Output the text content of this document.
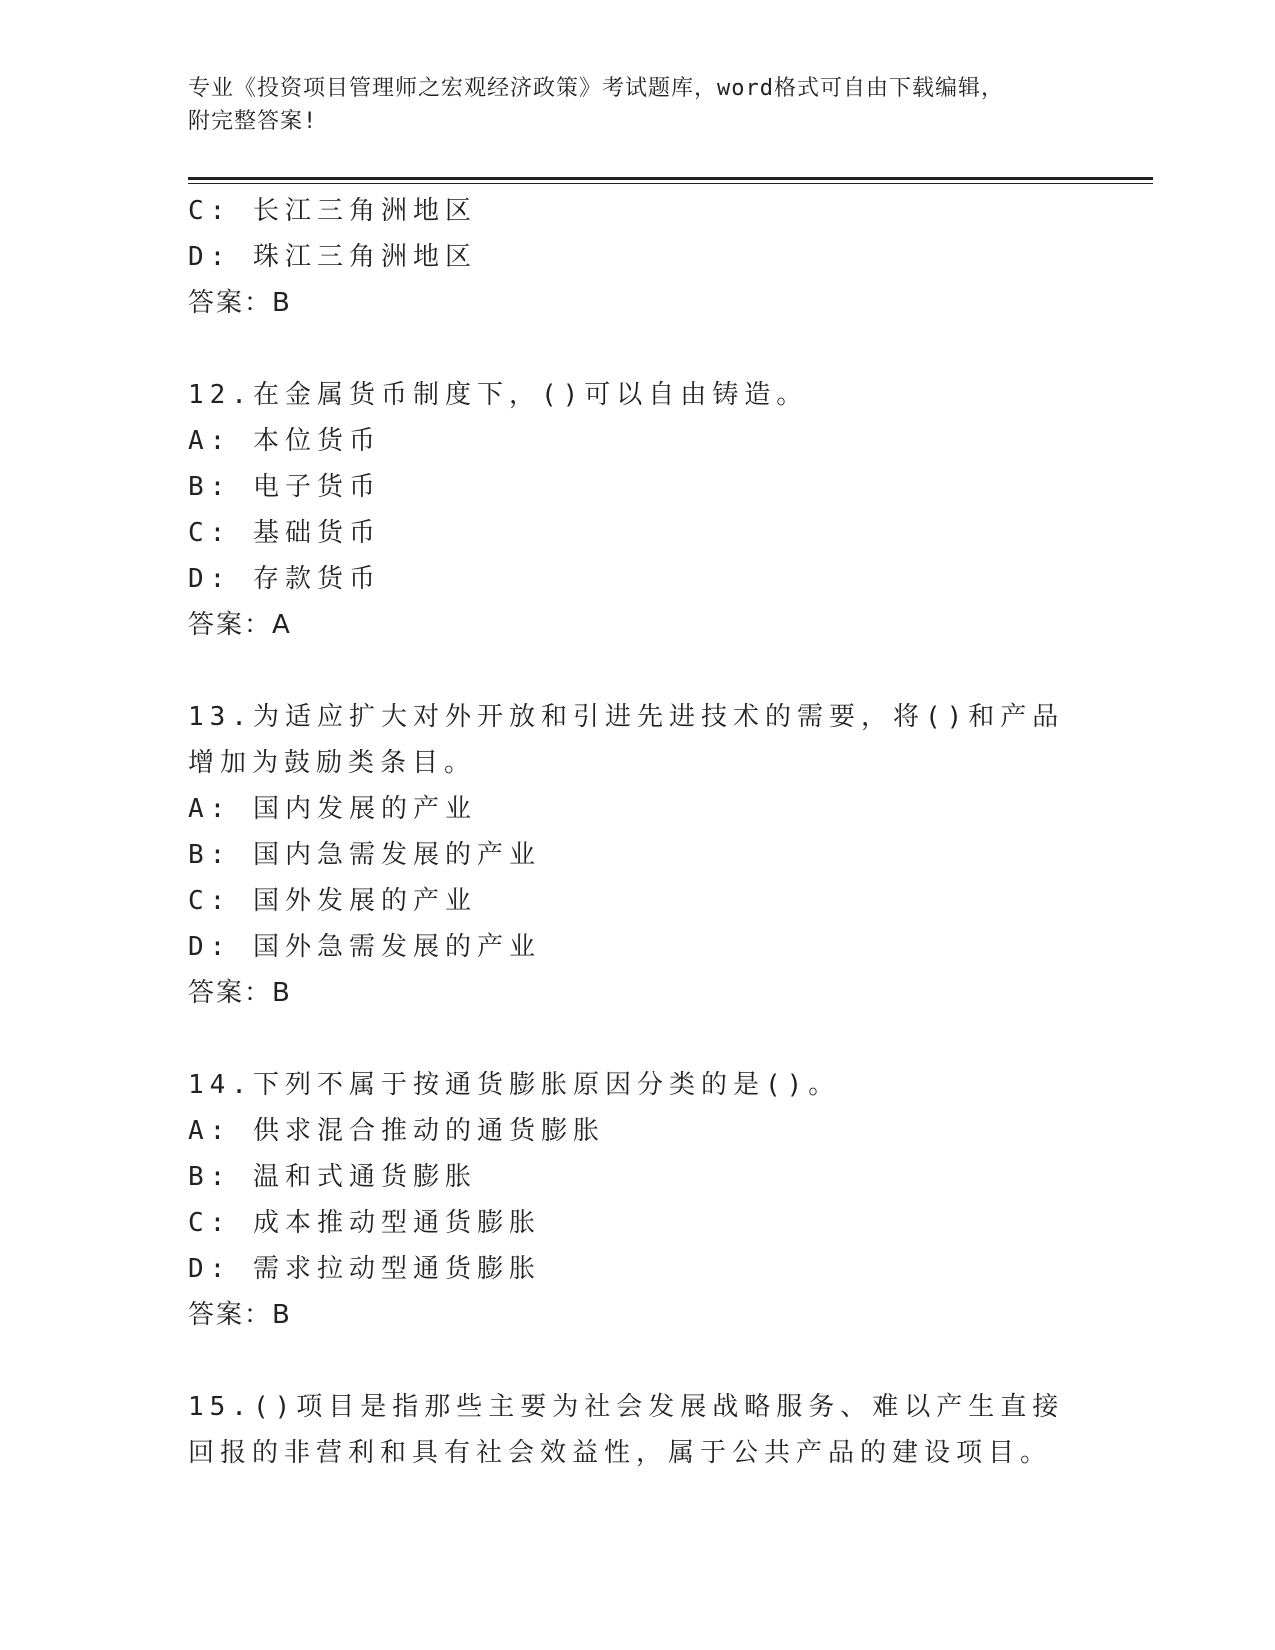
专业《投资项目管理师之宏观经济政策》考试题库，word格式可自由下载编辑，
附完整答案!
C: 长江三角洲地区
D: 珠江三角洲地区
答案：B
12.在金属货币制度下，()可以自由铸造。
A: 本位货币
B: 电子货币
C: 基础货币
D: 存款货币
答案：A
13.为适应扩大对外开放和引进先进技术的需要，将()和产品增加为鼓励类条目。
A: 国内发展的产业
B: 国内急需发展的产业
C: 国外发展的产业
D: 国外急需发展的产业
答案：B
14.下列不属于按通货膨胀原因分类的是()。
A: 供求混合推动的通货膨胀
B: 温和式通货膨胀
C: 成本推动型通货膨胀
D: 需求拉动型通货膨胀
答案：B
15.()项目是指那些主要为社会发展战略服务、难以产生直接回报的非营利和具有社会效益性，属于公共产品的建设项目。
